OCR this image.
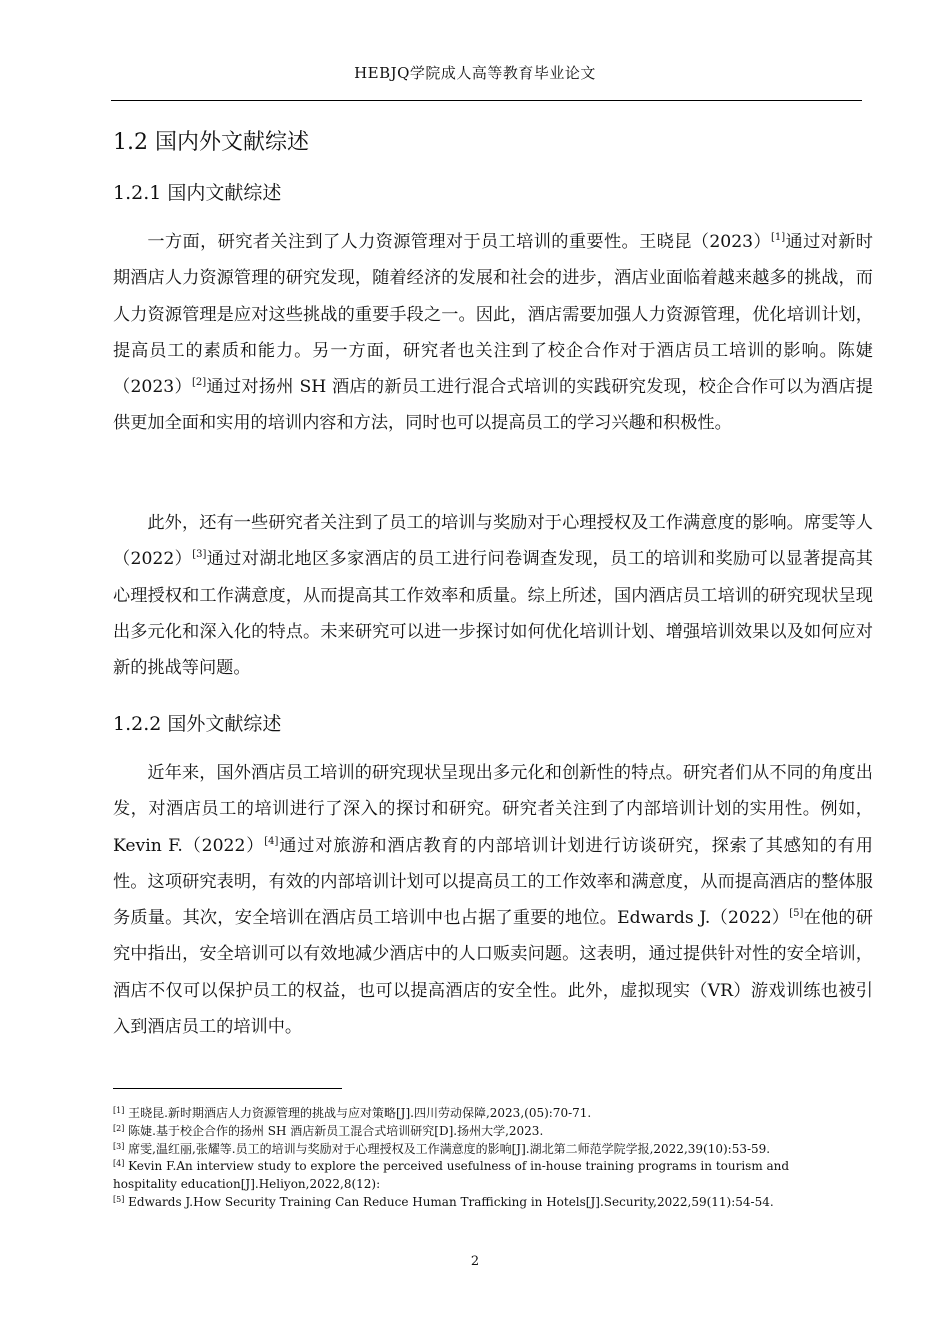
HEBJQ学院成人高等教育毕业论文
1.2 国内外文献综述
1.2.1 国内文献综述

一方面，研究者关注到了人力资源管理对于员工培训的重要性。王晓昆（2023）[1]通过对新时期酒店人力资源管理的研究发现，随着经济的发展和社会的进步，酒店业面临着越来越多的挑战，而人力资源管理是应对这些挑战的重要手段之一。因此，酒店需要加强人力资源管理，优化培训计划，提高员工的素质和能力。另一方面，研究者也关注到了校企合作对于酒店员工培训的影响。陈婕（2023）[2]通过对扬州 SH 酒店的新员工进行混合式培训的实践研究发现，校企合作可以为酒店提供更加全面和实用的培训内容和方法，同时也可以提高员工的学习兴趣和积极性。

此外，还有一些研究者关注到了员工的培训与奖励对于心理授权及工作满意度的影响。席雯等人（2022）[3]通过对湖北地区多家酒店的员工进行问卷调查发现，员工的培训和奖励可以显著提高其心理授权和工作满意度，从而提高其工作效率和质量。综上所述，国内酒店员工培训的研究现状呈现出多元化和深入化的特点。未来研究可以进一步探讨如何优化培训计划、增强培训效果以及如何应对新的挑战等问题。

1.2.2 国外文献综述

近年来，国外酒店员工培训的研究现状呈现出多元化和创新性的特点。研究者们从不同的角度出发，对酒店员工的培训进行了深入的探讨和研究。研究者关注到了内部培训计划的实用性。例如，Kevin F.（2022）[4]通过对旅游和酒店教育的内部培训计划进行访谈研究，探索了其感知的有用性。这项研究表明，有效的内部培训计划可以提高员工的工作效率和满意度，从而提高酒店的整体服务质量。其次，安全培训在酒店员工培训中也占据了重要的地位。Edwards J.（2022）[5]在他的研究中指出，安全培训可以有效地减少酒店中的人口贩卖问题。这表明，通过提供针对性的安全培训，酒店不仅可以保护员工的权益，也可以提高酒店的安全性。此外，虚拟现实（VR）游戏训练也被引入到酒店员工的培训中。

[1] 王晓昆.新时期酒店人力资源管理的挑战与应对策略[J].四川劳动保障,2023,(05):70-71.

[2] 陈婕.基于校企合作的扬州 SH 酒店新员工混合式培训研究[D].扬州大学,2023.

[3] 席雯,温红丽,张耀等.员工的培训与奖励对于心理授权及工作满意度的影响[J].湖北第二师范学院学报,2022,39(10):53-59.

[4] Kevin F.An interview study to explore the perceived usefulness of in-house training programs in tourism and hospitality education[J].Heliyon,2022,8(12):

[5] Edwards J.How Security Training Can Reduce Human Trafficking in Hotels[J].Security,2022,59(11):54-54.

2
